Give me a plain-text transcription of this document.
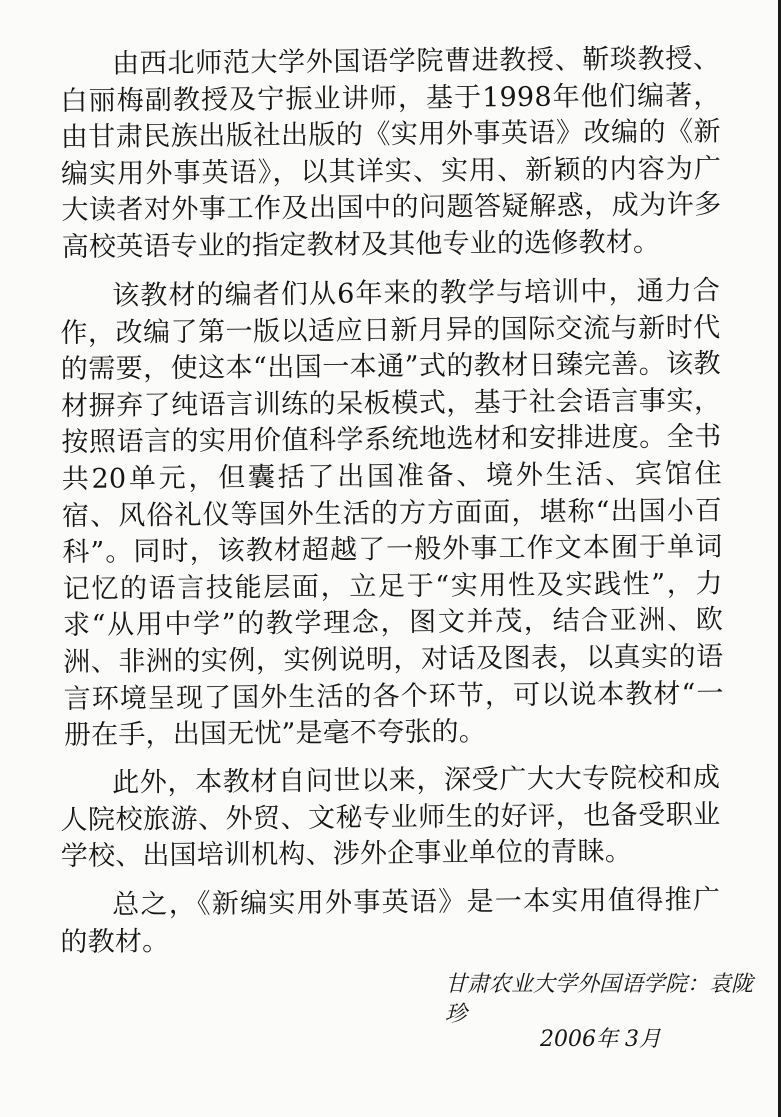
由西北师范大学外国语学院曹进教授、靳琰教授、白丽梅副教授及宁振业讲师，基于1998年他们编著，由甘肃民族出版社出版的《实用外事英语》改编的《新编实用外事英语》，以其详实、实用、新颖的内容为广大读者对外事工作及出国中的问题答疑解惑，成为许多高校英语专业的指定教材及其他专业的选修教材。

该教材的编者们从6年来的教学与培训中，通力合作，改编了第一版以适应日新月异的国际交流与新时代的需要，使这本“出国一本通”式的教材日臻完善。该教材摒弃了纯语言训练的呆板模式，基于社会语言事实，按照语言的实用价值科学系统地选材和安排进度。全书共20单元，但囊括了出国准备、境外生活、宾馆住宿、风俗礼仪等国外生活的方方面面，堪称“出国小百科”。同时，该教材超越了一般外事工作文本囿于单词记忆的语言技能层面，立足于“实用性及实践性”，力求“从用中学”的教学理念，图文并茂，结合亚洲、欧洲、非洲的实例，实例说明，对话及图表，以真实的语言环境呈现了国外生活的各个环节，可以说本教材“一册在手，出国无忧”是毫不夸张的。

此外，本教材自问世以来，深受广大大专院校和成人院校旅游、外贸、文秘专业师生的好评，也备受职业学校、出国培训机构、涉外企事业单位的青睐。

总之，《新编实用外事英语》是一本实用值得推广的教材。

甘肃农业大学外国语学院：袁陇珍
2006年 3月
